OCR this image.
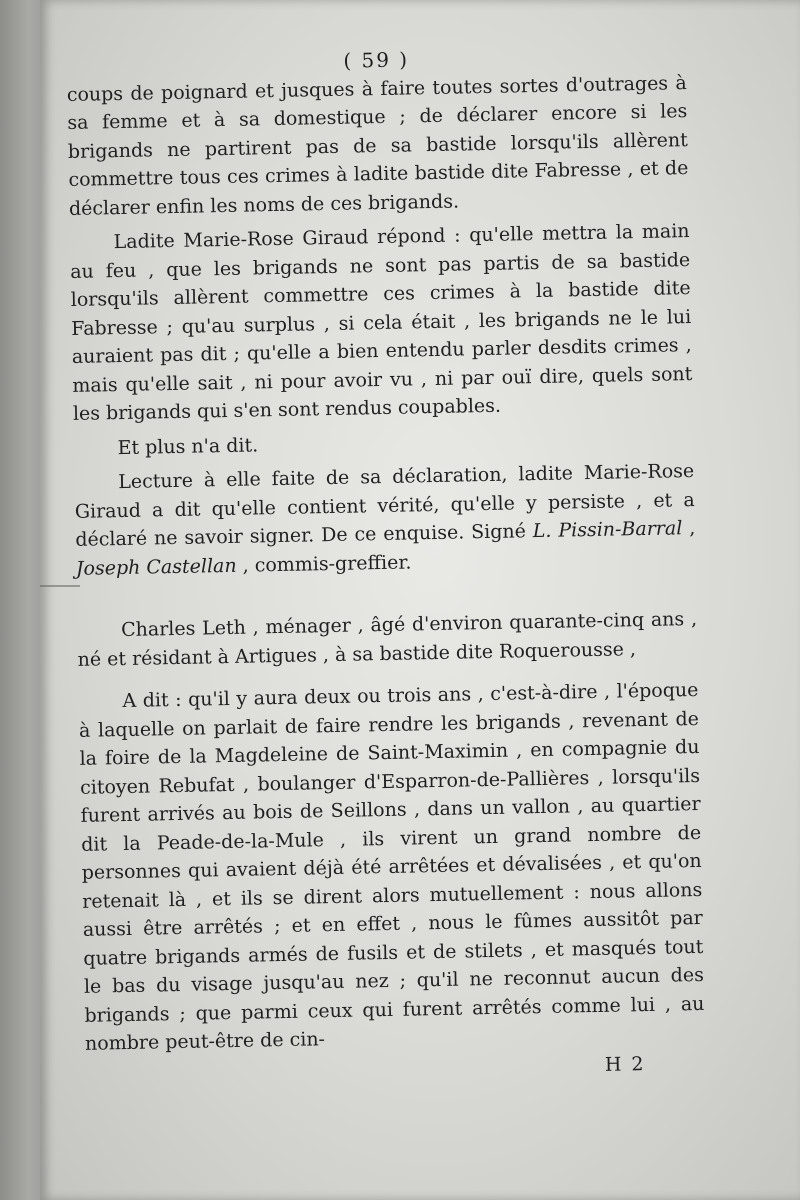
( 59 )

coups de poignard et jusques à faire toutes sortes d'outrages à sa femme et à sa domestique ; de déclarer encore si les brigands ne partirent pas de sa bastide lorsqu'ils allèrent commettre tous ces crimes à ladite bastide dite Fabresse , et de déclarer enfin les noms de ces brigands.

Ladite Marie-Rose Giraud répond : qu'elle mettra la main au feu , que les brigands ne sont pas partis de sa bastide lorsqu'ils allèrent commettre ces crimes à la bastide dite Fabresse ; qu'au surplus , si cela était , les brigands ne le lui auraient pas dit ; qu'elle a bien entendu parler desdits crimes , mais qu'elle sait , ni pour avoir vu , ni par ouï dire, quels sont les brigands qui s'en sont rendus coupables.

Et plus n'a dit.

Lecture à elle faite de sa déclaration, ladite Marie-Rose Giraud a dit qu'elle contient vérité, qu'elle y persiste , et a déclaré ne savoir signer. De ce enquise. Signé L. Pissin-Barral , Joseph Castellan , commis-greffier.

Charles Leth , ménager , âgé d'environ quarante-cinq ans , né et résidant à Artigues , à sa bastide dite Roquerousse ,

A dit : qu'il y aura deux ou trois ans , c'est-à-dire , l'époque à laquelle on parlait de faire rendre les brigands , revenant de la foire de la Magdeleine de Saint-Maximin , en compagnie du citoyen Rebufat , boulanger d'Esparron-de-Pallières , lorsqu'ils furent arrivés au bois de Seillons , dans un vallon , au quartier dit la Peade-de-la-Mule , ils virent un grand nombre de personnes qui avaient déjà été arrêtées et dévalisées , et qu'on retenait là , et ils se dirent alors mutuellement : nous allons aussi être arrêtés ; et en effet , nous le fûmes aussitôt par quatre brigands armés de fusils et de stilets , et masqués tout le bas du visage jusqu'au nez ; qu'il ne reconnut aucun des brigands ; que parmi ceux qui furent arrêtés comme lui , au nombre peut-être de cin-

H 2
